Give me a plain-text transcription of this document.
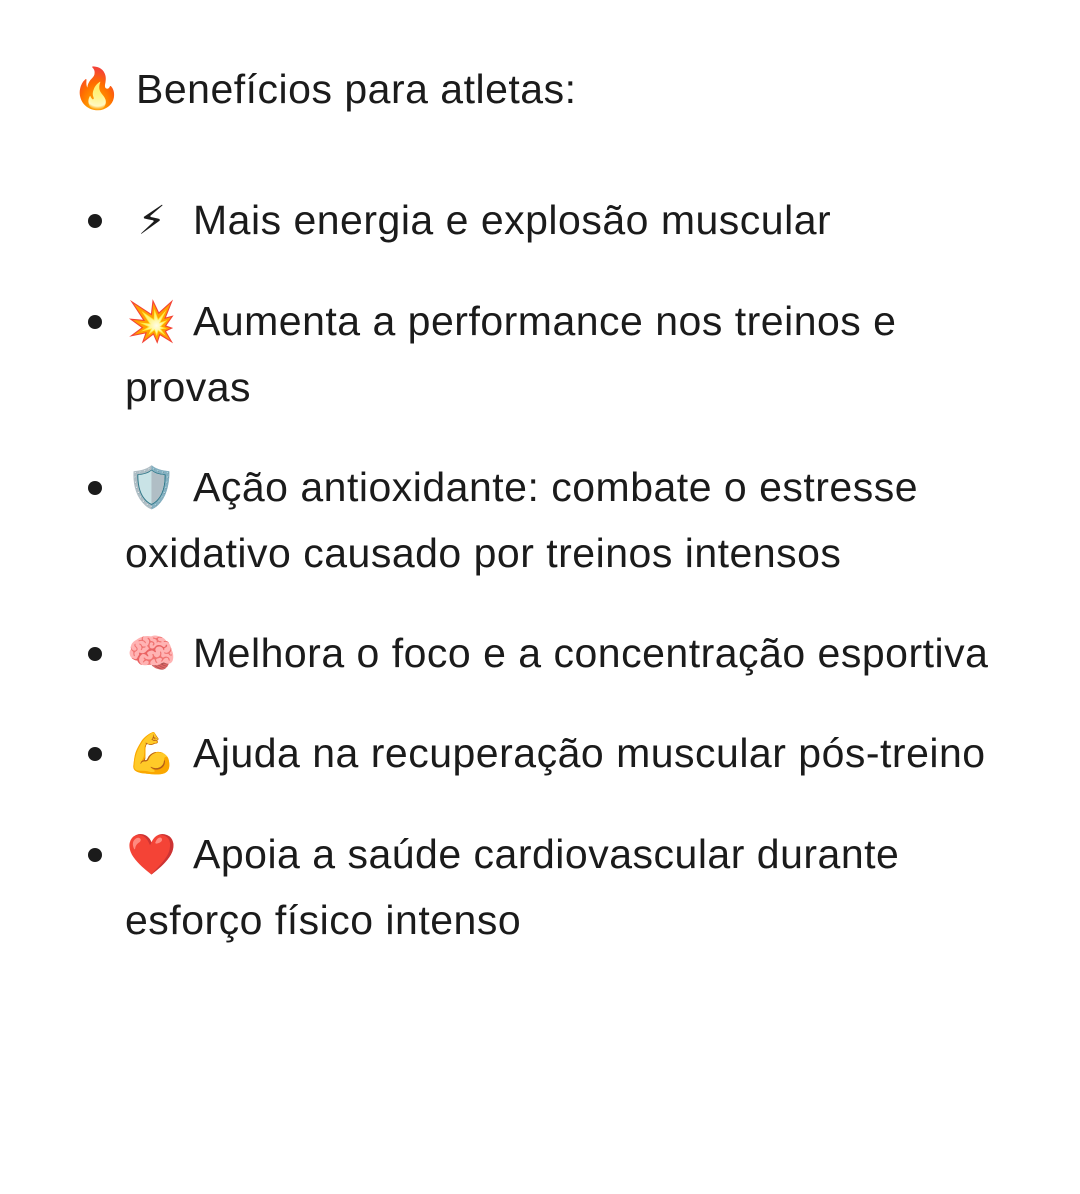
🔥 Benefícios para atletas:
⚡ Mais energia e explosão muscular
💥 Aumenta a performance nos treinos e provas
🛡️ Ação antioxidante: combate o estresse oxidativo causado por treinos intensos
🧠 Melhora o foco e a concentração esportiva
💪 Ajuda na recuperação muscular pós-treino
❤️ Apoia a saúde cardiovascular durante esforço físico intenso
